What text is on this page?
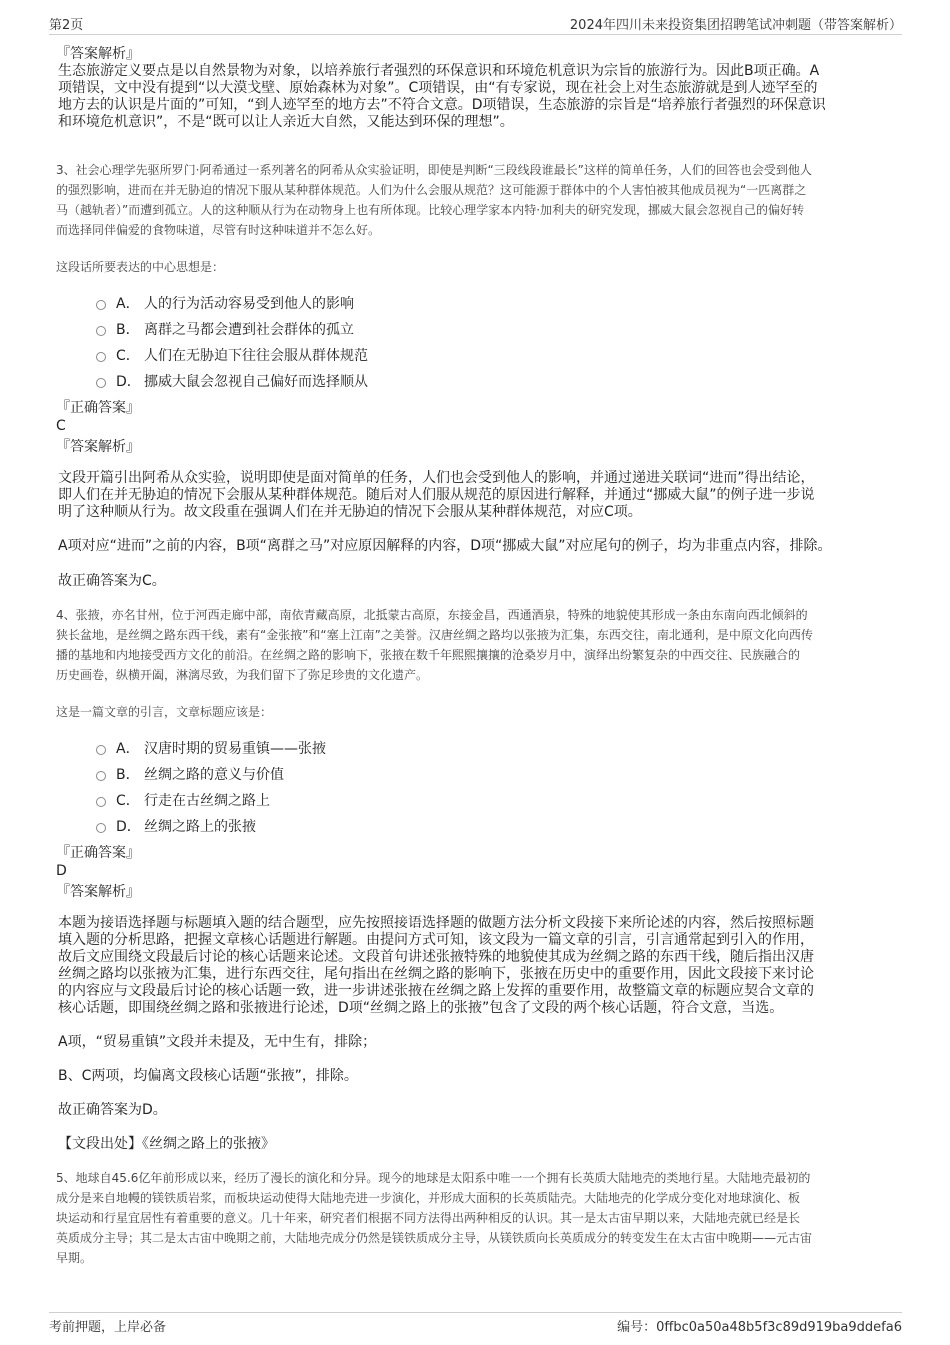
第2页	2024年四川未来投资集团招聘笔试冲刺题（带答案解析）

『答案解析』

生态旅游定义要点是以自然景物为对象，以培养旅行者强烈的环保意识和环境危机意识为宗旨的旅游行为。因此B项正确。A

项错误，文中没有提到“以大漠戈壁、原始森林为对象”。C项错误，由“有专家说，现在社会上对生态旅游就是到人迹罕至的

地方去的认识是片面的”可知，“到人迹罕至的地方去”不符合文意。D项错误，生态旅游的宗旨是“培养旅行者强烈的环保意识

和环境危机意识”，不是“既可以让人亲近大自然，又能达到环保的理想”。

3、社会心理学先驱所罗门·阿希通过一系列著名的阿希从众实验证明，即使是判断“三段线段谁最长”这样的简单任务，人们的回答也会受到他人

的强烈影响，进而在并无胁迫的情况下服从某种群体规范。人们为什么会服从规范？这可能源于群体中的个人害怕被其他成员视为“一匹离群之

马（越轨者）”而遭到孤立。人的这种顺从行为在动物身上也有所体现。比较心理学家本内特·加利夫的研究发现，挪威大鼠会忽视自己的偏好转

而选择同伴偏爱的食物味道，尽管有时这种味道并不怎么好。

这段话所要表达的中心思想是：

A． 人的行为活动容易受到他人的影响
B． 离群之马都会遭到社会群体的孤立
C． 人们在无胁迫下往往会服从群体规范
D． 挪威大鼠会忽视自己偏好而选择顺从

『正确答案』

C

『答案解析』

文段开篇引出阿希从众实验，说明即使是面对简单的任务，人们也会受到他人的影响，并通过递进关联词“进而”得出结论，

即人们在并无胁迫的情况下会服从某种群体规范。随后对人们服从规范的原因进行解释，并通过“挪威大鼠”的例子进一步说

明了这种顺从行为。故文段重在强调人们在并无胁迫的情况下会服从某种群体规范，对应C项。

A项对应“进而”之前的内容，B项“离群之马”对应原因解释的内容，D项“挪威大鼠”对应尾句的例子，均为非重点内容，排除。

故正确答案为C。

4、张掖，亦名甘州，位于河西走廊中部，南依青藏高原，北抵蒙古高原，东接金昌，西通酒泉，特殊的地貌使其形成一条由东南向西北倾斜的

狭长盆地，是丝绸之路东西干线，素有“金张掖”和“塞上江南”之美誉。汉唐丝绸之路均以张掖为汇集，东西交往，南北通利，是中原文化向西传

播的基地和内地接受西方文化的前沿。在丝绸之路的影响下，张掖在数千年熙熙攘攘的沧桑岁月中，演绎出纷繁复杂的中西交往、民族融合的

历史画卷，纵横开阖，淋漓尽致，为我们留下了弥足珍贵的文化遗产。

这是一篇文章的引言，文章标题应该是：

A． 汉唐时期的贸易重镇——张掖
B． 丝绸之路的意义与价值
C． 行走在古丝绸之路上
D． 丝绸之路上的张掖

『正确答案』

D

『答案解析』

本题为接语选择题与标题填入题的结合题型，应先按照接语选择题的做题方法分析文段接下来所论述的内容，然后按照标题

填入题的分析思路，把握文章核心话题进行解题。由提问方式可知，该文段为一篇文章的引言，引言通常起到引入的作用，

故后文应围绕文段最后讨论的核心话题来论述。文段首句讲述张掖特殊的地貌使其成为丝绸之路的东西干线，随后指出汉唐

丝绸之路均以张掖为汇集，进行东西交往，尾句指出在丝绸之路的影响下，张掖在历史中的重要作用，因此文段接下来讨论

的内容应与文段最后讨论的核心话题一致，进一步讲述张掖在丝绸之路上发挥的重要作用，故整篇文章的标题应契合文章的

核心话题，即围绕丝绸之路和张掖进行论述，D项“丝绸之路上的张掖”包含了文段的两个核心话题，符合文意，当选。

A项，“贸易重镇”文段并未提及，无中生有，排除；

B、C两项，均偏离文段核心话题“张掖”，排除。

故正确答案为D。

【文段出处】《丝绸之路上的张掖》

5、地球自45.6亿年前形成以来，经历了漫长的演化和分异。现今的地球是太阳系中唯一一个拥有长英质大陆地壳的类地行星。大陆地壳最初的

成分是来自地幔的镁铁质岩浆，而板块运动使得大陆地壳进一步演化，并形成大面积的长英质陆壳。大陆地壳的化学成分变化对地球演化、板

块运动和行星宜居性有着重要的意义。几十年来，研究者们根据不同方法得出两种相反的认识。其一是太古宙早期以来，大陆地壳就已经是长

英质成分主导；其二是太古宙中晚期之前，大陆地壳成分仍然是镁铁质成分主导，从镁铁质向长英质成分的转变发生在太古宙中晚期——元古宙

早期。

考前押题，上岸必备	编号：0ffbc0a50a48b5f3c89d919ba9ddefa6
